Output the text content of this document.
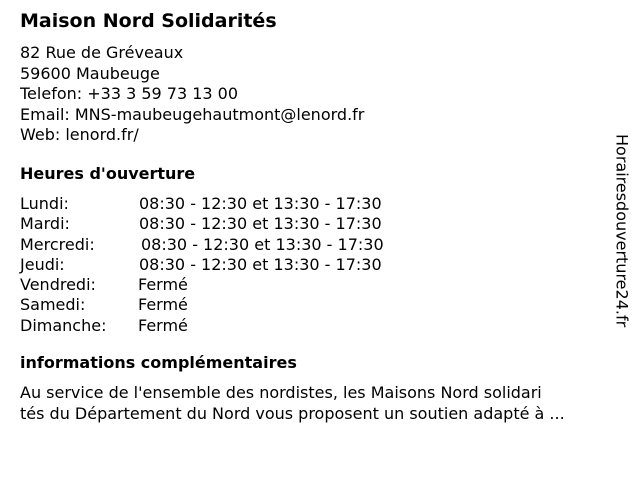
Maison Nord Solidarités
82 Rue de Gréveaux
59600 Maubeuge
Telefon: +33 3 59 73 13 00
Email: MNS-maubeugehautmont@lenord.fr
Web: lenord.fr/
Heures d'ouverture
Lundi:	08:30 - 12:30 et 13:30 - 17:30
Mardi:	08:30 - 12:30 et 13:30 - 17:30
Mercredi:	08:30 - 12:30 et 13:30 - 17:30
Jeudi:	08:30 - 12:30 et 13:30 - 17:30
Vendredi:	Fermé
Samedi:	Fermé
Dimanche: Fermé
informations complémentaires
Au service de l'ensemble des nordistes, les Maisons Nord solidari
tés du Département du Nord vous proposent un soutien adapté à ...
Horairesdouverture24.fr
